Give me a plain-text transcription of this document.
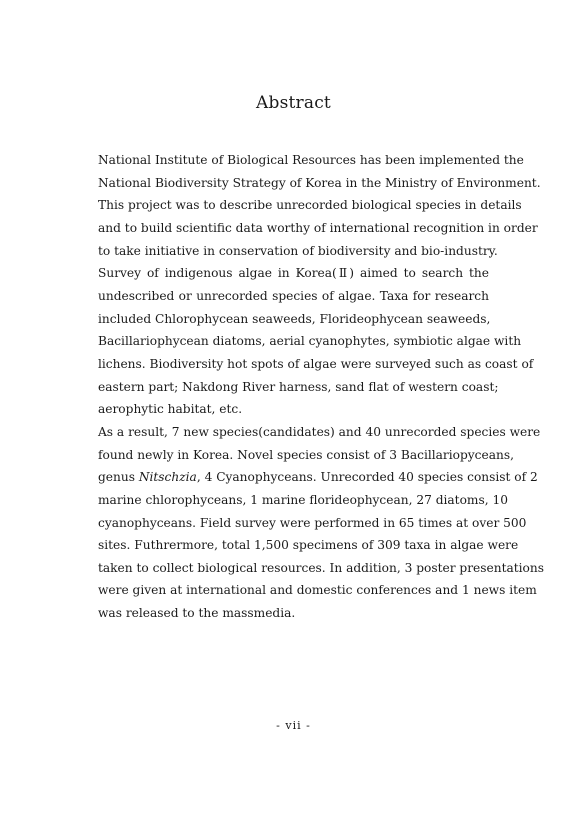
Abstract
National Institute of Biological Resources has been implemented the
National Biodiversity Strategy of Korea in the Ministry of Environment.
This project was to describe unrecorded biological species in details
and to build scientific data worthy of international recognition in order
to take initiative in conservation of biodiversity and bio-industry.
Survey of indigenous algae in Korea(Ⅱ) aimed to search the
undescribed or unrecorded species of algae. Taxa for research
included Chlorophycean seaweeds, Florideophycean seaweeds,
Bacillariophycean diatoms, aerial cyanophytes, symbiotic algae with
lichens. Biodiversity hot spots of algae were surveyed such as coast of
eastern part; Nakdong River harness, sand flat of western coast;
aerophytic habitat, etc.
As a result, 7 new species(candidates) and 40 unrecorded species were
found newly in Korea. Novel species consist of 3 Bacillariopyceans,
genus Nitschzia, 4 Cyanophyceans. Unrecorded 40 species consist of 2
marine chlorophyceans, 1 marine florideophycean, 27 diatoms, 10
cyanophyceans. Field survey were performed in 65 times at over 500
sites. Futhrermore, total 1,500 specimens of 309 taxa in algae were
taken to collect biological resources. In addition, 3 poster presentations
were given at international and domestic conferences and 1 news item
was released to the massmedia.
- vii -
